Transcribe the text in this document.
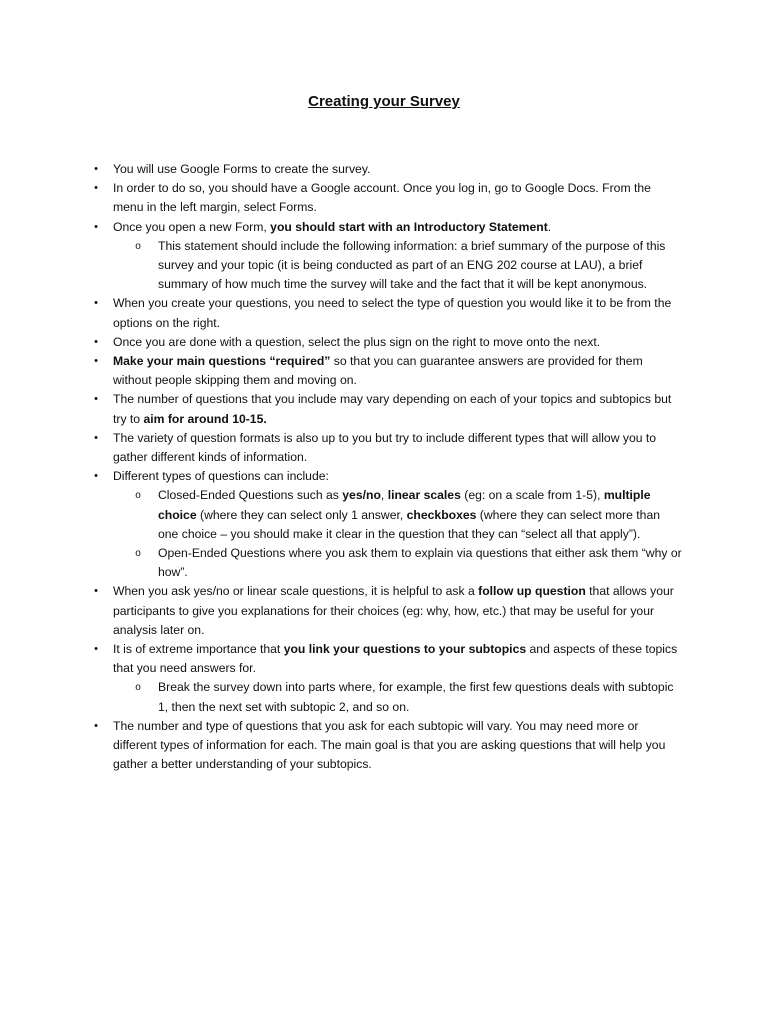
Creating your Survey
•	You will use Google Forms to create the survey.
•	In order to do so, you should have a Google account. Once you log in, go to Google Docs. From the menu in the left margin, select Forms.
•	Once you open a new Form, you should start with an Introductory Statement.
o	This statement should include the following information: a brief summary of the purpose of this survey and your topic (it is being conducted as part of an ENG 202 course at LAU), a brief summary of how much time the survey will take and the fact that it will be kept anonymous.
•	When you create your questions, you need to select the type of question you would like it to be from the options on the right.
•	Once you are done with a question, select the plus sign on the right to move onto the next.
•	Make your main questions “required” so that you can guarantee answers are provided for them without people skipping them and moving on.
•	The number of questions that you include may vary depending on each of your topics and subtopics but try to aim for around 10-15.
•	The variety of question formats is also up to you but try to include different types that will allow you to gather different kinds of information.
•	Different types of questions can include:
o	Closed-Ended Questions such as yes/no, linear scales (eg: on a scale from 1-5), multiple choice (where they can select only 1 answer, checkboxes (where they can select more than one choice – you should make it clear in the question that they can “select all that apply”).
o	Open-Ended Questions where you ask them to explain via questions that either ask them “why or how”.
•	When you ask yes/no or linear scale questions, it is helpful to ask a follow up question that allows your participants to give you explanations for their choices (eg: why, how, etc.) that may be useful for your analysis later on.
•	It is of extreme importance that you link your questions to your subtopics and aspects of these topics that you need answers for.
o	Break the survey down into parts where, for example, the first few questions deals with subtopic 1, then the next set with subtopic 2, and so on.
•	The number and type of questions that you ask for each subtopic will vary. You may need more or different types of information for each. The main goal is that you are asking questions that will help you gather a better understanding of your subtopics.
